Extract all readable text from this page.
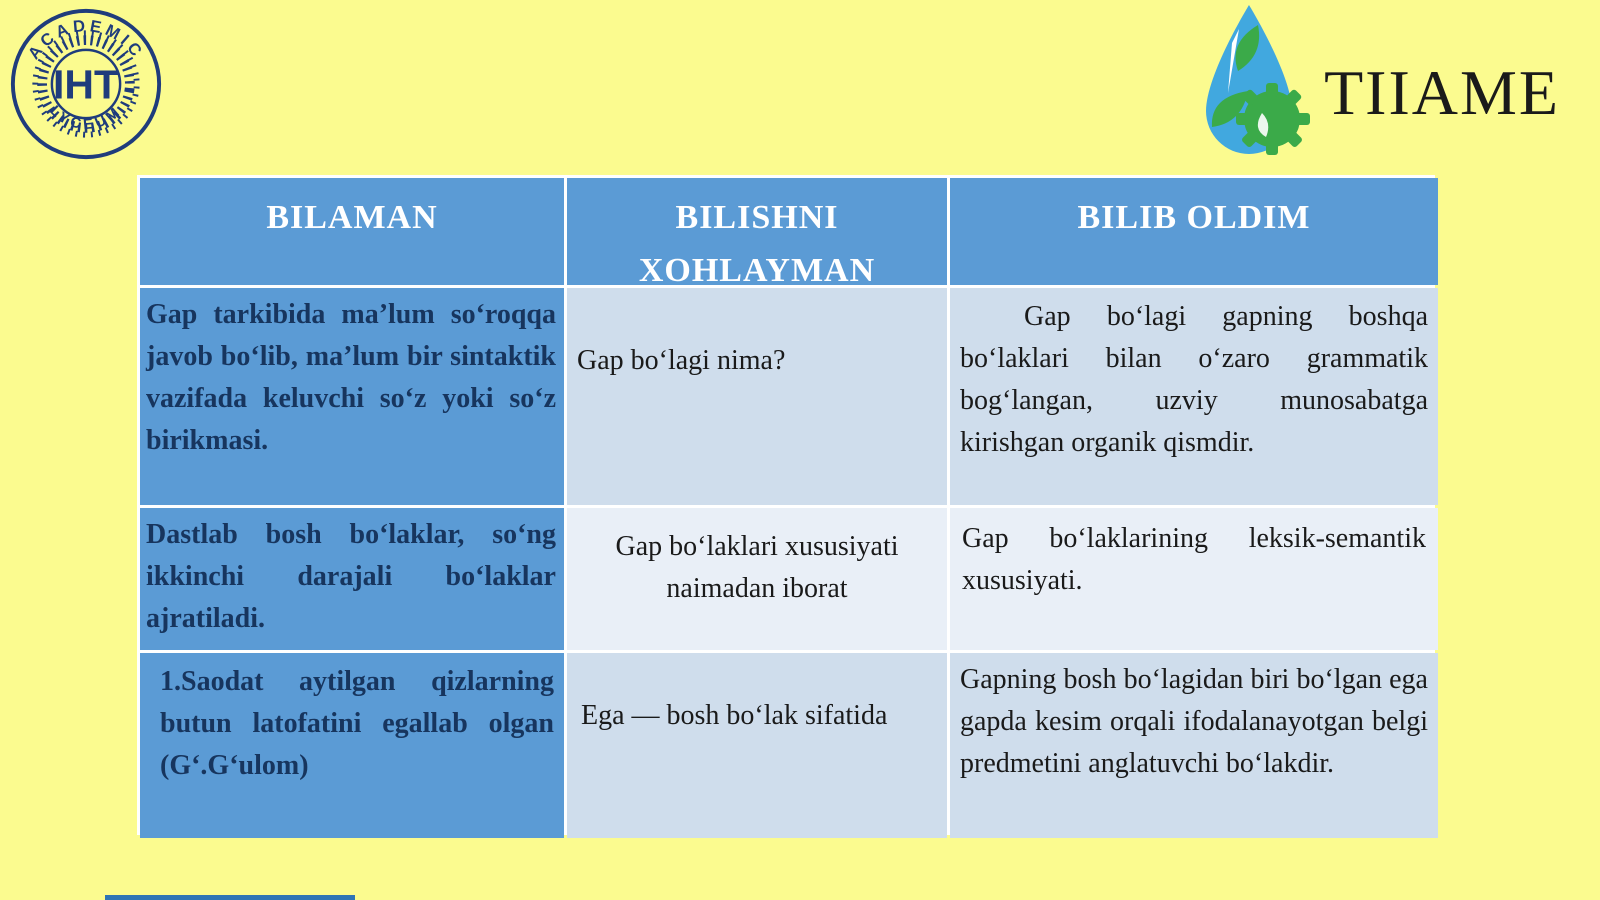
ACADEMIC
LYCEUM
IHT	TIIAME
BILAMAN	BILISHNI XOHLAYMAN
BILIB OLDIM
Gap tarkibida ma’lum so‘roqqa javob bo‘lib, ma’lum bir sintaktik vazifada keluvchi so‘z yoki so‘z birikmasi.
Gap bo‘lagi nima?
Gap bo‘lagi gapning boshqa bo‘laklari bilan o‘zaro grammatik bog‘langan, uzviy munosabatga kirishgan organik qismdir.
Dastlab bosh bo‘laklar, so‘ng ikkinchi darajali bo‘laklar ajratiladi.
Gap bo‘laklari xususiyati naimadan iborat
Gap bo‘laklarining leksik-semantik xususiyati.
1.Saodat aytilgan qizlarning butun latofatini egallab olgan (G‘.G‘ulom)
Ega — bosh bo‘lak sifatida
Gapning bosh bo‘lagidan biri bo‘lgan ega gapda kesim orqali ifodalanayotgan belgi predmetini anglatuvchi bo‘lakdir.
